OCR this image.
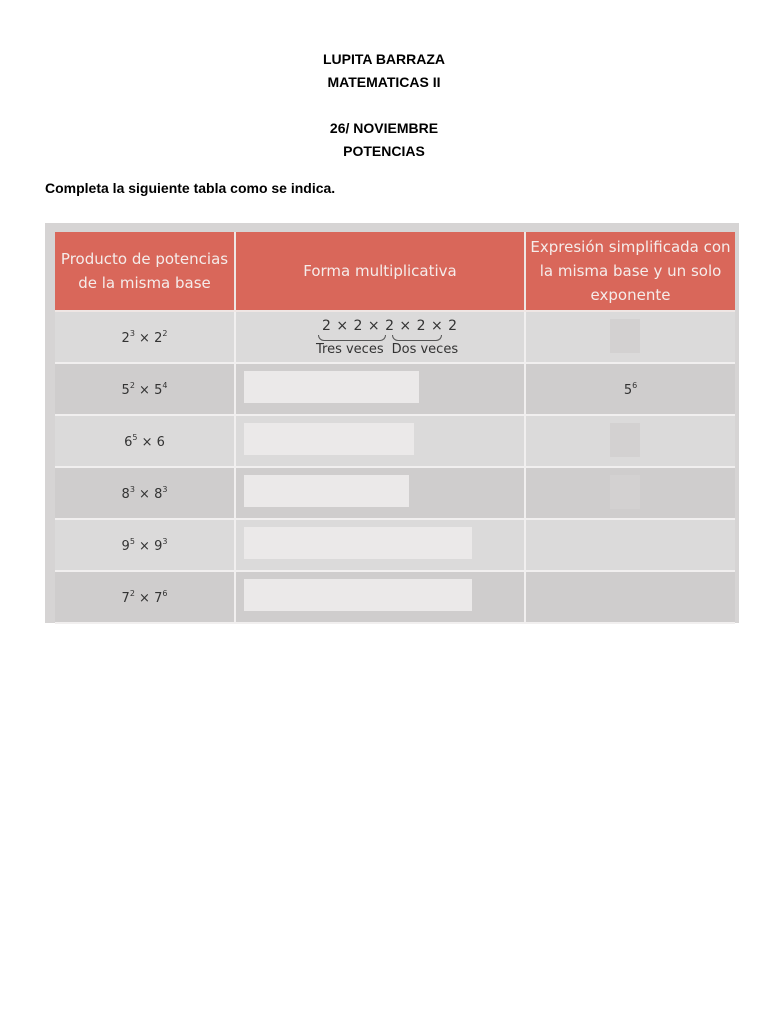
LUPITA BARRAZA
MATEMATICAS II
26/ NOVIEMBRE
POTENCIAS
Completa la siguiente tabla como se indica.
Producto de potencias de la misma base	Forma multiplicativa	Expresión simplificada con la misma base y un solo exponente
$2^3 \times 2^2$	2 × 2 × 2 × 2 × 2
Tres veces Dos veces	

$5^2 \times 5^4$		$5^6$
$6^5 \times 6$	

$8^3 \times 8^3$	

$9^5 \times 9^3$	

$7^2 \times 7^6$	
